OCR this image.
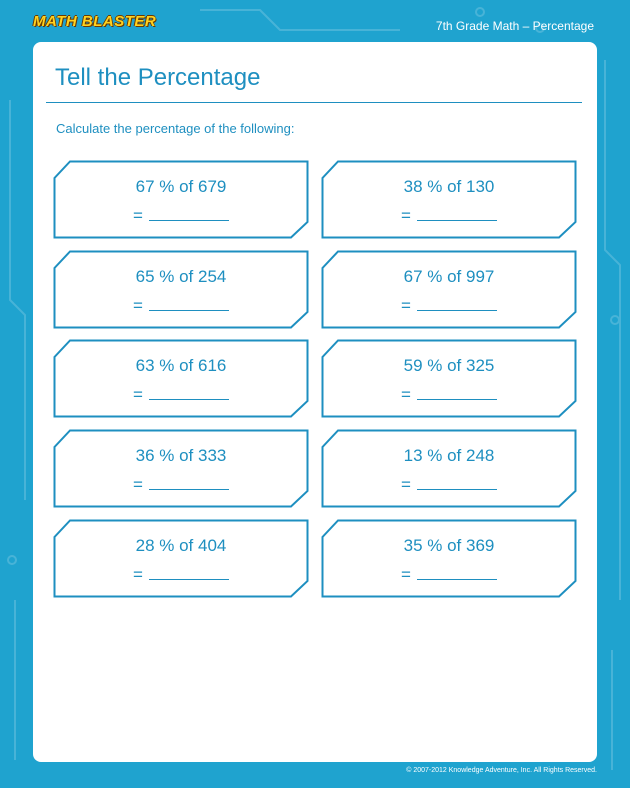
MATH BLASTER	7th Grade Math – Percentage
Tell the Percentage
Calculate the percentage of the following:
67 % of 679
=
38 % of 130
=
65 % of 254
=
67 % of 997
=
63 % of 616
=
59 % of 325
=
36 % of 333
=
13 % of 248
=
28 % of 404
=
35 % of 369
=
© 2007-2012 Knowledge Adventure, Inc. All Rights Reserved.
